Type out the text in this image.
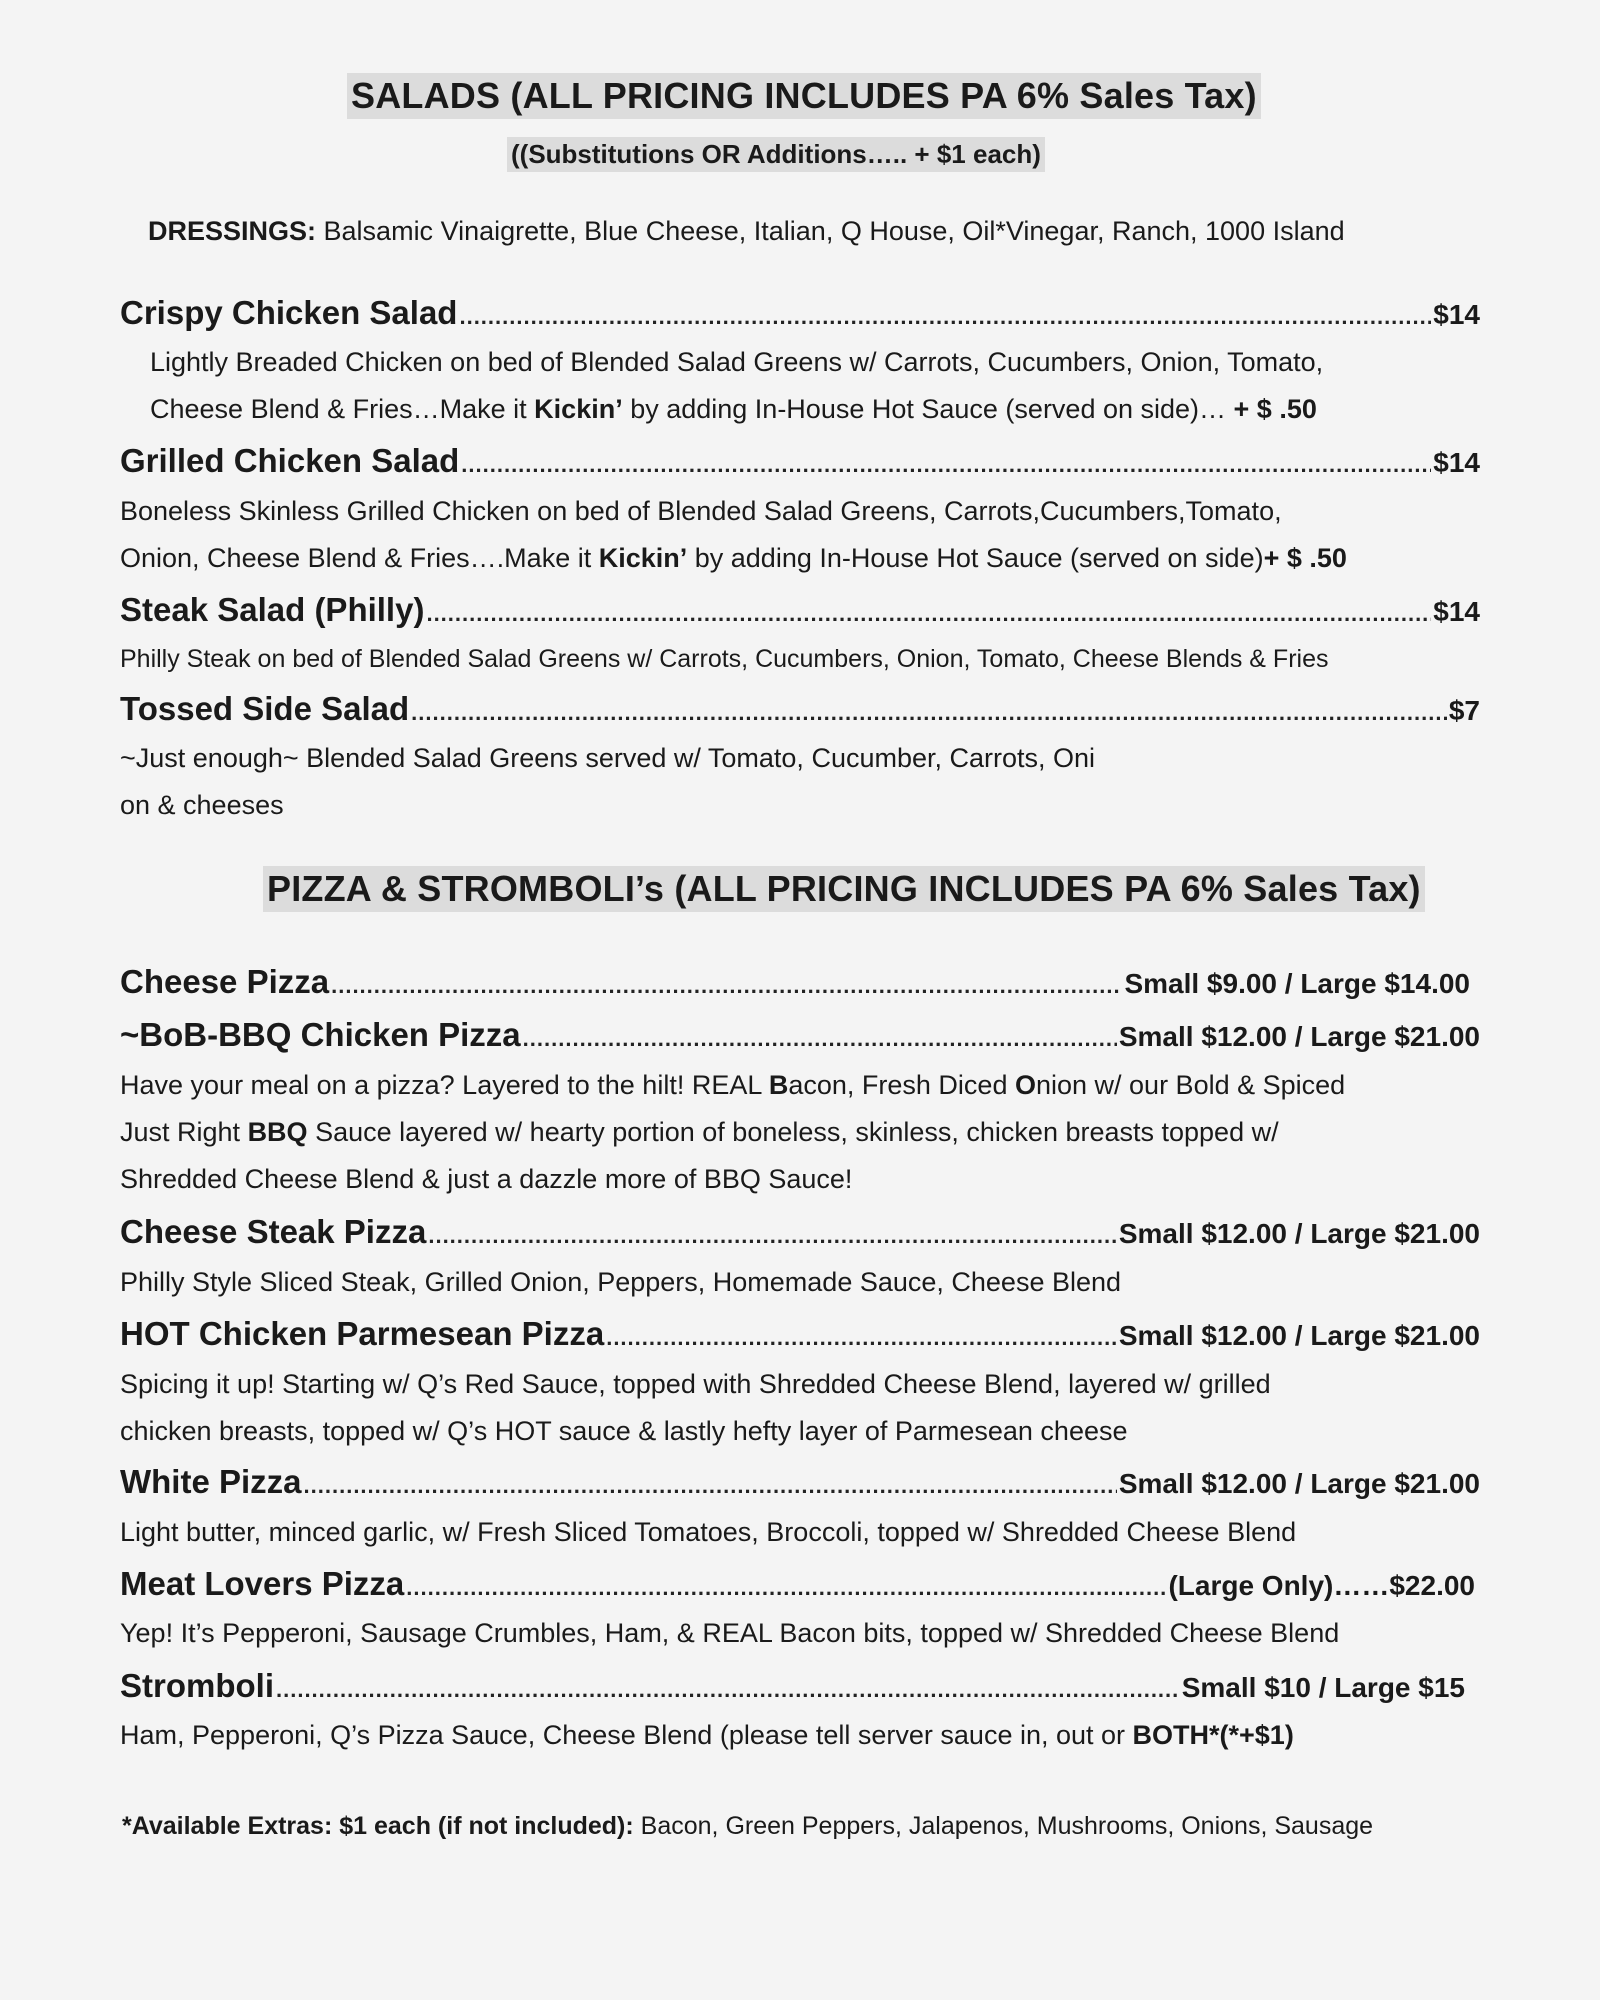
SALADS (ALL PRICING INCLUDES PA 6% Sales Tax)
((Substitutions OR Additions….. + $1 each)
DRESSINGS: Balsamic Vinaigrette, Blue Cheese, Italian, Q House, Oil*Vinegar, Ranch, 1000 Island
Crispy Chicken Salad .....	$14
Lightly Breaded Chicken on bed of Blended Salad Greens w/ Carrots, Cucumbers, Onion, Tomato,
Cheese Blend & Fries…Make it Kickin’ by adding In-House Hot Sauce (served on side)… + $ .50
Grilled Chicken Salad .....	$14
Boneless Skinless Grilled Chicken on bed of Blended Salad Greens, Carrots,Cucumbers,Tomato,
Onion, Cheese Blend & Fries….Make it Kickin’ by adding In-House Hot Sauce (served on side)+ $ .50
Steak Salad (Philly) .....	$14
Philly Steak on bed of Blended Salad Greens w/ Carrots, Cucumbers, Onion, Tomato, Cheese Blends & Fries
Tossed Side Salad .....	$7
~Just enough~ Blended Salad Greens served w/ Tomato, Cucumber, Carrots, Oni
on & cheeses
PIZZA & STROMBOLI’s (ALL PRICING INCLUDES PA 6% Sales Tax)
Cheese Pizza .....	Small $9.00 / Large $14.00
~BoB-BBQ Chicken Pizza .....	Small $12.00 / Large $21.00
Have your meal on a pizza? Layered to the hilt! REAL Bacon, Fresh Diced Onion w/ our Bold & Spiced
Just Right BBQ Sauce layered w/ hearty portion of boneless, skinless, chicken breasts topped w/
Shredded Cheese Blend & just a dazzle more of BBQ Sauce!
Cheese Steak Pizza .....	Small $12.00 / Large $21.00
Philly Style Sliced Steak, Grilled Onion, Peppers, Homemade Sauce, Cheese Blend
HOT Chicken Parmesean Pizza .....	Small $12.00 / Large $21.00
Spicing it up! Starting w/ Q’s Red Sauce, topped with Shredded Cheese Blend, layered w/ grilled
chicken breasts, topped w/ Q’s HOT sauce & lastly hefty layer of Parmesean cheese
White Pizza .....	Small $12.00 / Large $21.00
Light butter, minced garlic, w/ Fresh Sliced Tomatoes, Broccoli, topped w/ Shredded Cheese Blend
Meat Lovers Pizza .....	(Large Only)……$22.00
Yep! It’s Pepperoni, Sausage Crumbles, Ham, & REAL Bacon bits, topped w/ Shredded Cheese Blend
Stromboli .....	Small $10 / Large $15
Ham, Pepperoni, Q’s Pizza Sauce, Cheese Blend (please tell server sauce in, out or BOTH*(*+$1)
*Available Extras: $1 each (if not included): Bacon, Green Peppers, Jalapenos, Mushrooms, Onions, Sausage
